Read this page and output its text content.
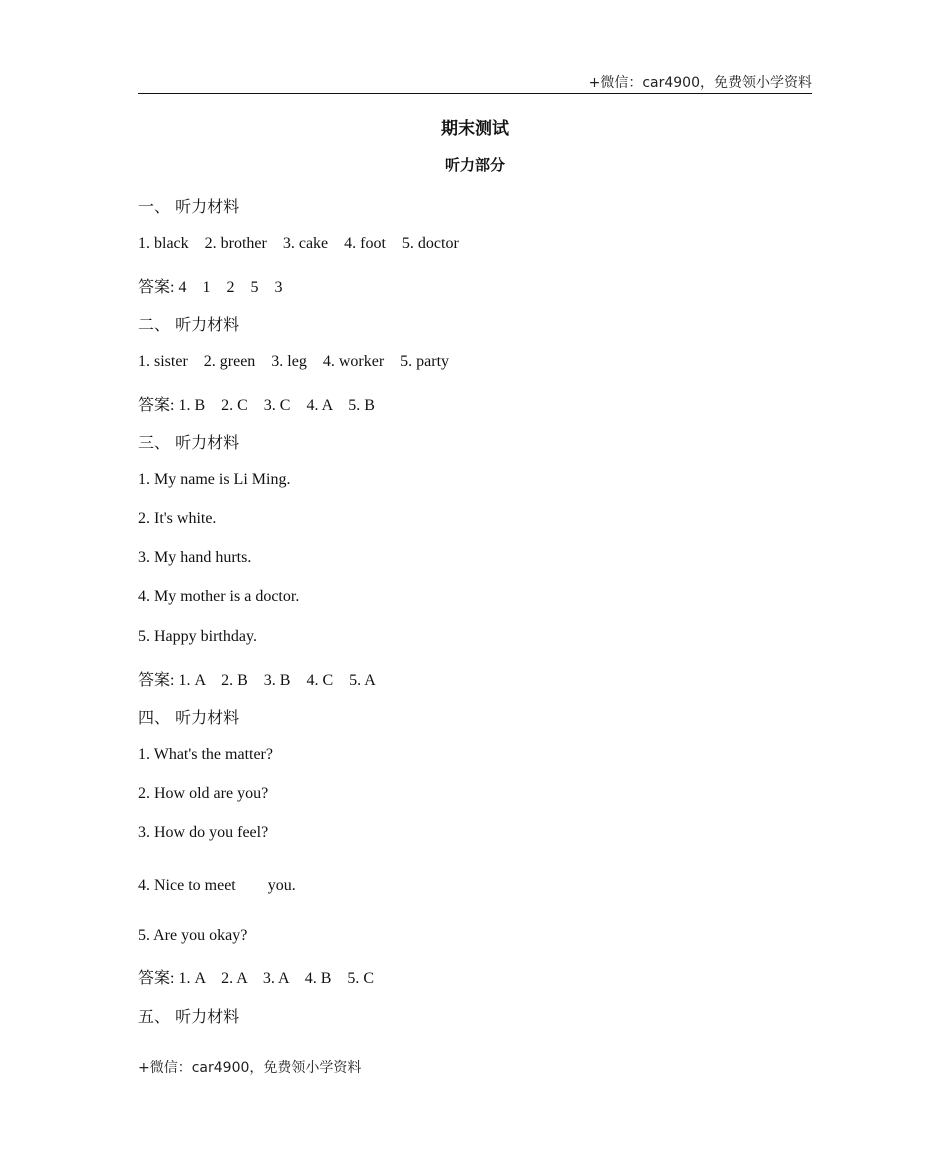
+微信：car4900，免费领小学资料
期末测试
听力部分
一、 听力材料
1. black    2. brother    3. cake    4. foot    5. doctor
答案: 4    1    2    5    3
二、 听力材料
1. sister    2. green    3. leg    4. worker    5. party
答案: 1. B    2. C    3. C    4. A    5. B
三、 听力材料
1. My name is Li Ming.
2. It's white.
3. My hand hurts.
4. My mother is a doctor.
5. Happy birthday.
答案: 1. A    2. B    3. B    4. C    5. A
四、 听力材料
1. What's the matter?
2. How old are you?
3. How do you feel?
4. Nice to meet        you.
5. Are you okay?
答案: 1. A    2. A    3. A    4. B    5. C
五、 听力材料
+微信：car4900，免费领小学资料
